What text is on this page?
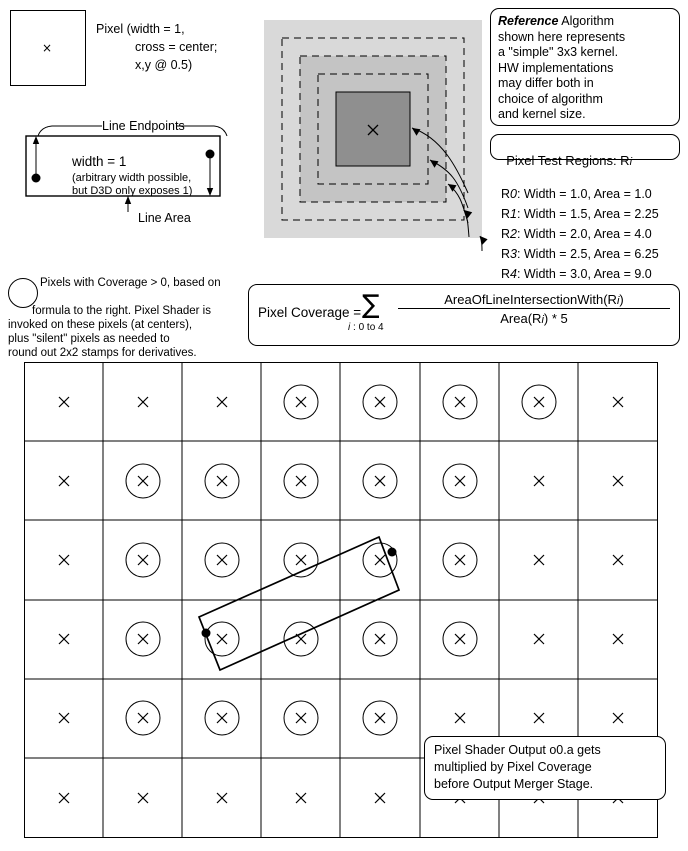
×
Pixel (width = 1,
cross = center;
x,y @ 0.5)
Line Endpoints
width = 1
(arbitrary width possible,
but D3D only exposes 1)
Line Area
Reference Algorithm
shown here represents
a "simple" 3x3 kernel.
HW implementations
may differ both in
choice of algorithm
and kernel size.

Pixel Test Regions: Ri

R0: Width = 1.0, Area = 1.0

R1: Width = 1.5, Area = 2.25

R2: Width = 2.0, Area = 4.0

R3: Width = 2.5, Area = 6.25

R4: Width = 3.0, Area = 9.0

Pixels with Coverage > 0, based on
formula to the right. Pixel Shader is
invoked on these pixels (at centers),
plus "silent" pixels as needed to
round out 2x2 stamps for derivatives.
Pixel Coverage =
∑
i : 0 to 4
AreaOfLineIntersectionWith(Ri)
Area(Ri) * 5
Pixel Shader Output o0.a gets
multiplied by Pixel Coverage
before Output Merger Stage.
